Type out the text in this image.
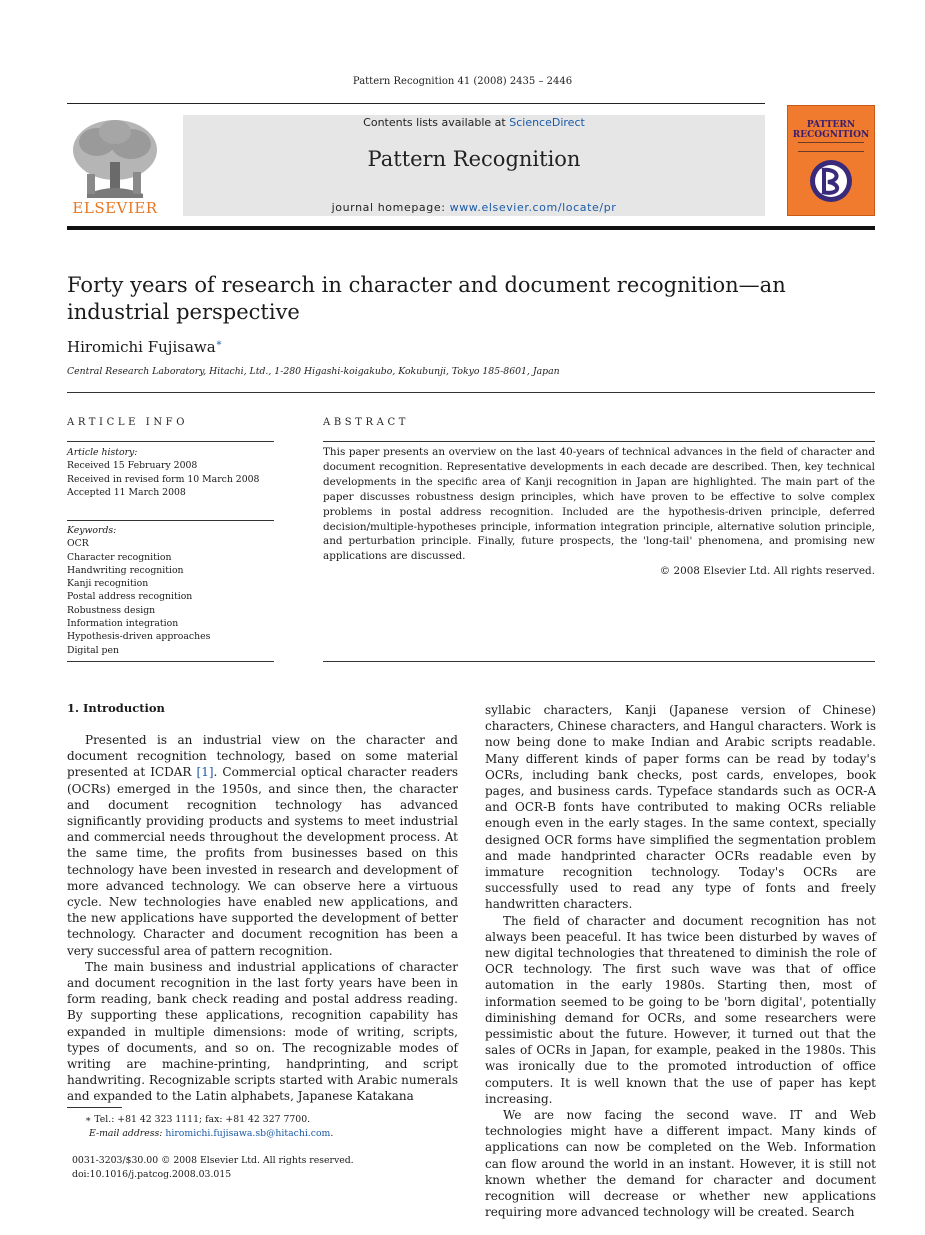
Pattern Recognition 41 (2008) 2435 – 2446
ELSEVIER
Contents lists available at ScienceDirect
Pattern Recognition
journal homepage: www.elsevier.com/locate/pr
PATTERN
RECOGNITION
Forty years of research in character and document recognition—an industrial perspective
Hiromichi Fujisawa∗
Central Research Laboratory, Hitachi, Ltd., 1-280 Higashi-koigakubo, Kokubunji, Tokyo 185-8601, Japan
ARTICLE INFO
Article history:
Received 15 February 2008
Received in revised form 10 March 2008
Accepted 11 March 2008
Keywords:
OCR
Character recognition
Handwriting recognition
Kanji recognition
Postal address recognition
Robustness design
Information integration
Hypothesis-driven approaches
Digital pen
ABSTRACT
This paper presents an overview on the last 40-years of technical advances in the field of character and document recognition. Representative developments in each decade are described. Then, key technical developments in the specific area of Kanji recognition in Japan are highlighted. The main part of the paper discusses robustness design principles, which have proven to be effective to solve complex problems in postal address recognition. Included are the hypothesis-driven principle, deferred decision/multiple-hypotheses principle, information integration principle, alternative solution principle, and perturbation principle. Finally, future prospects, the 'long-tail' phenomena, and promising new applications are discussed.
© 2008 Elsevier Ltd. All rights reserved.
1. Introduction

Presented is an industrial view on the character and document recognition technology, based on some material presented at ICDAR [1]. Commercial optical character readers (OCRs) emerged in the 1950s, and since then, the character and document recognition technology has advanced significantly providing products and systems to meet industrial and commercial needs throughout the development process. At the same time, the profits from businesses based on this technology have been invested in research and development of more advanced technology. We can observe here a virtuous cycle. New technologies have enabled new applications, and the new applications have supported the development of better technology. Character and document recognition has been a very successful area of pattern recognition.

The main business and industrial applications of character and document recognition in the last forty years have been in form reading, bank check reading and postal address reading. By supporting these applications, recognition capability has expanded in multiple dimensions: mode of writing, scripts, types of documents, and so on. The recognizable modes of writing are machine-printing, handprinting, and script handwriting. Recognizable scripts started with Arabic numerals and expanded to the Latin alphabets, Japanese Katakana

syllabic characters, Kanji (Japanese version of Chinese) characters, Chinese characters, and Hangul characters. Work is now being done to make Indian and Arabic scripts readable. Many different kinds of paper forms can be read by today's OCRs, including bank checks, post cards, envelopes, book pages, and business cards. Typeface standards such as OCR-A and OCR-B fonts have contributed to making OCRs reliable enough even in the early stages. In the same context, specially designed OCR forms have simplified the segmentation problem and made handprinted character OCRs readable even by immature recognition technology. Today's OCRs are successfully used to read any type of fonts and freely handwritten characters.

The field of character and document recognition has not always been peaceful. It has twice been disturbed by waves of new digital technologies that threatened to diminish the role of OCR technology. The first such wave was that of office automation in the early 1980s. Starting then, most of information seemed to be going to be 'born digital', potentially diminishing demand for OCRs, and some researchers were pessimistic about the future. However, it turned out that the sales of OCRs in Japan, for example, peaked in the 1980s. This was ironically due to the promoted introduction of office computers. It is well known that the use of paper has kept increasing.

We are now facing the second wave. IT and Web technologies might have a different impact. Many kinds of applications can now be completed on the Web. Information can flow around the world in an instant. However, it is still not known whether the demand for character and document recognition will decrease or whether new applications requiring more advanced technology will be created. Search

∗ Tel.: +81 42 323 1111; fax: +81 42 327 7700.
E-mail address: hiromichi.fujisawa.sb@hitachi.com.
0031-3203/$30.00 © 2008 Elsevier Ltd. All rights reserved.
doi:10.1016/j.patcog.2008.03.015
